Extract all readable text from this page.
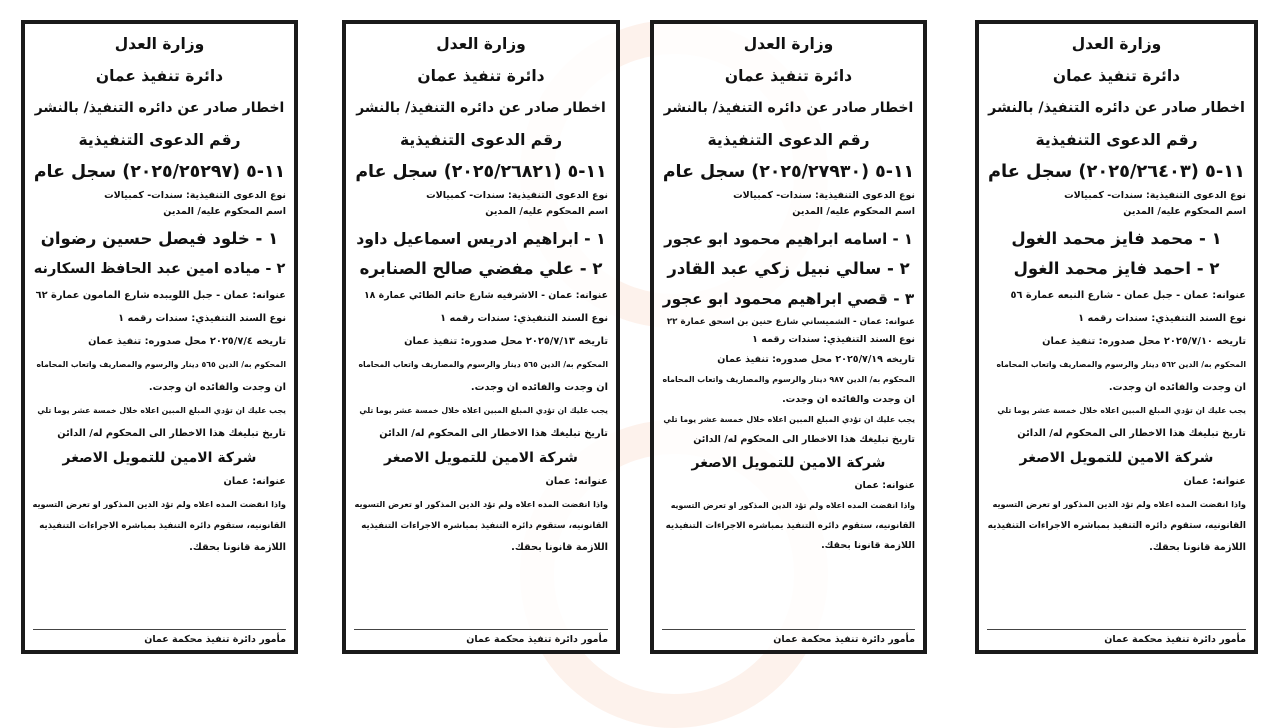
وزارة العدل
دائرة تنفيذ عمان
اخطار صادر عن دائره التنفيذ/ بالنشر
رقم الدعوى التنفيذية
١١-٥ (٢٠٢٥/٢٥٢٩٧) سجل عام
نوع الدعوى التنفيذية: سندات- كمبيالات
اسم المحكوم عليه/ المدين
١ - خلود فيصل حسين رضوان
٢ - مياده امين عبد الحافظ السكارنه
عنوانه: عمان - جبل اللويبده شارع المامون عمارة ٦٢
نوع السند التنفيذي: سندات رقمه ١
تاريخه ٢٠٢٥/٧/٤ محل صدوره: تنفيذ عمان
المحكوم به/ الدين ٥٦٥ دينار والرسوم والمصاريف واتعاب المحاماه
ان وجدت والفائده ان وجدت.
يجب عليك ان تؤدي المبلغ المبين اعلاه خلال خمسة عشر يوما تلي
تاريخ تبليغك هذا الاخطار الى المحكوم له/ الدائن
شركة الامين للتمويل الاصغر
عنوانه: عمان
واذا انقضت المده اعلاه ولم تؤد الدين المذكور او تعرض التسويه
القانونيه، ستقوم دائره التنفيذ بمباشره الاجراءات التنفيذيه
اللازمة قانونا بحقك.
مأمور دائرة تنفيذ محكمة عمان
وزارة العدل
دائرة تنفيذ عمان
اخطار صادر عن دائره التنفيذ/ بالنشر
رقم الدعوى التنفيذية
١١-٥ (٢٠٢٥/٢٦٨٢١) سجل عام
نوع الدعوى التنفيذية: سندات- كمبيالات
اسم المحكوم عليه/ المدين
١ - ابراهيم ادريس اسماعيل داود
٢ - علي مفضي صالح الصنابره
عنوانه: عمان - الاشرفيه شارع حاتم الطائي عمارة ١٨
نوع السند التنفيذي: سندات رقمه ١
تاريخه ٢٠٢٥/٧/١٣ محل صدوره: تنفيذ عمان
المحكوم به/ الدين ٥٦٥ دينار والرسوم والمصاريف واتعاب المحاماه
ان وجدت والفائده ان وجدت.
يجب عليك ان تؤدي المبلغ المبين اعلاه خلال خمسة عشر يوما تلي
تاريخ تبليغك هذا الاخطار الى المحكوم له/ الدائن
شركة الامين للتمويل الاصغر
عنوانه: عمان
واذا انقضت المده اعلاه ولم تؤد الدين المذكور او تعرض التسويه
القانونيه، ستقوم دائره التنفيذ بمباشره الاجراءات التنفيذيه
اللازمة قانونا بحقك.
مأمور دائرة تنفيذ محكمة عمان
وزارة العدل
دائرة تنفيذ عمان
اخطار صادر عن دائره التنفيذ/ بالنشر
رقم الدعوى التنفيذية
١١-٥ (٢٠٢٥/٢٧٩٣٠) سجل عام
نوع الدعوى التنفيذية: سندات- كمبيالات
اسم المحكوم عليه/ المدين
١ - اسامه ابراهيم محمود ابو عجور
٢ - سالي نبيل زكي عبد القادر
٣ - قصي ابراهيم محمود ابو عجور
عنوانه: عمان - الشميساني شارع حنين بن اسحق عمارة ٢٢
نوع السند التنفيذي: سندات رقمه ١
تاريخه ٢٠٢٥/٧/١٩ محل صدوره: تنفيذ عمان
المحكوم به/ الدين ٩٨٧ دينار والرسوم والمصاريف واتعاب المحاماه
ان وجدت والفائده ان وجدت.
يجب عليك ان تؤدي المبلغ المبين اعلاه خلال خمسة عشر يوما تلي
تاريخ تبليغك هذا الاخطار الى المحكوم له/ الدائن
شركة الامين للتمويل الاصغر
عنوانه: عمان
واذا انقضت المده اعلاه ولم تؤد الدين المذكور او تعرض التسويه
القانونيه، ستقوم دائره التنفيذ بمباشره الاجراءات التنفيذيه
اللازمة قانونا بحقك.
مأمور دائرة تنفيذ محكمة عمان
وزارة العدل
دائرة تنفيذ عمان
اخطار صادر عن دائره التنفيذ/ بالنشر
رقم الدعوى التنفيذية
١١-٥ (٢٠٢٥/٢٦٤٠٣) سجل عام
نوع الدعوى التنفيذية: سندات- كمبيالات
اسم المحكوم عليه/ المدين
١ - محمد فايز محمد الغول
٢ - احمد فايز محمد الغول
عنوانه: عمان - جبل عمان - شارع النبعه عمارة ٥٦
نوع السند التنفيذي: سندات رقمه ١
تاريخه ٢٠٢٥/٧/١٠ محل صدوره: تنفيذ عمان
المحكوم به/ الدين ٥٦٢ دينار والرسوم والمصاريف واتعاب المحاماه
ان وجدت والفائده ان وجدت.
يجب عليك ان تؤدي المبلغ المبين اعلاه خلال خمسة عشر يوما تلي
تاريخ تبليغك هذا الاخطار الى المحكوم له/ الدائن
شركة الامين للتمويل الاصغر
عنوانه: عمان
واذا انقضت المده اعلاه ولم تؤد الدين المذكور او تعرض التسويه
القانونيه، ستقوم دائره التنفيذ بمباشره الاجراءات التنفيذيه
اللازمة قانونا بحقك.
مأمور دائرة تنفيذ محكمة عمان
